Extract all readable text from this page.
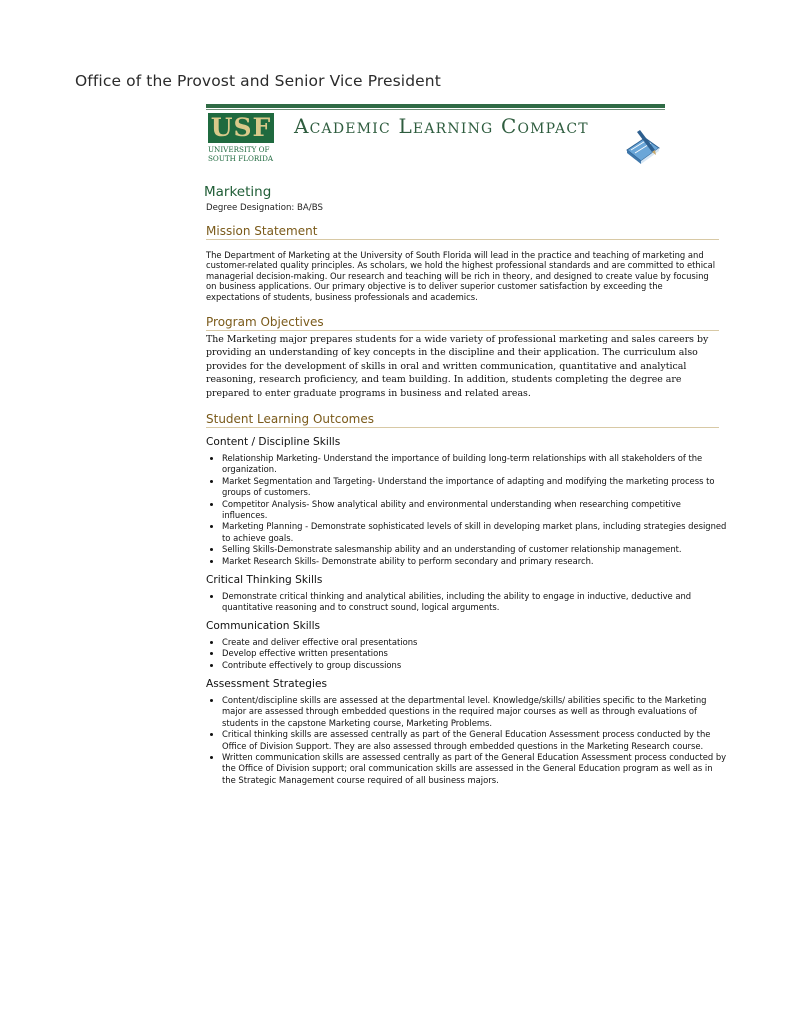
Office of the Provost and Senior Vice President
USF
UNIVERSITY OF
SOUTH FLORIDA
Academic Learning Compact
Marketing
Degree Designation: BA/BS
Mission Statement
The Department of Marketing at the University of South Florida will lead in the practice and teaching of marketing and customer-related quality principles. As scholars, we hold the highest professional standards and are committed to ethical managerial decision-making. Our research and teaching will be rich in theory, and designed to create value by focusing on business applications. Our primary objective is to deliver superior customer satisfaction by exceeding the expectations of students, business professionals and academics.
Program Objectives
The Marketing major prepares students for a wide variety of professional marketing and sales careers by providing an understanding of key concepts in the discipline and their application. The curriculum also provides for the development of skills in oral and written communication, quantitative and analytical reasoning, research proficiency, and team building. In addition, students completing the degree are prepared to enter graduate programs in business and related areas.
Student Learning Outcomes
Content / Discipline Skills
• Relationship Marketing- Understand the importance of building long-term relationships with all stakeholders of the organization.
• Market Segmentation and Targeting- Understand the importance of adapting and modifying the marketing process to groups of customers.
• Competitor Analysis- Show analytical ability and environmental understanding when researching competitive influences.
• Marketing Planning - Demonstrate sophisticated levels of skill in developing market plans, including strategies designed to achieve goals.
• Selling Skills-Demonstrate salesmanship ability and an understanding of customer relationship management.
• Market Research Skills- Demonstrate ability to perform secondary and primary research.
Critical Thinking Skills
• Demonstrate critical thinking and analytical abilities, including the ability to engage in inductive, deductive and quantitative reasoning and to construct sound, logical arguments.
Communication Skills
• Create and deliver effective oral presentations
• Develop effective written presentations
• Contribute effectively to group discussions
Assessment Strategies
• Content/discipline skills are assessed at the departmental level. Knowledge/skills/ abilities specific to the Marketing major are assessed through embedded questions in the required major courses as well as through evaluations of students in the capstone Marketing course, Marketing Problems.
• Critical thinking skills are assessed centrally as part of the General Education Assessment process conducted by the Office of Division Support. They are also assessed through embedded questions in the Marketing Research course.
• Written communication skills are assessed centrally as part of the General Education Assessment process conducted by the Office of Division support; oral communication skills are assessed in the General Education program as well as in the Strategic Management course required of all business majors.
